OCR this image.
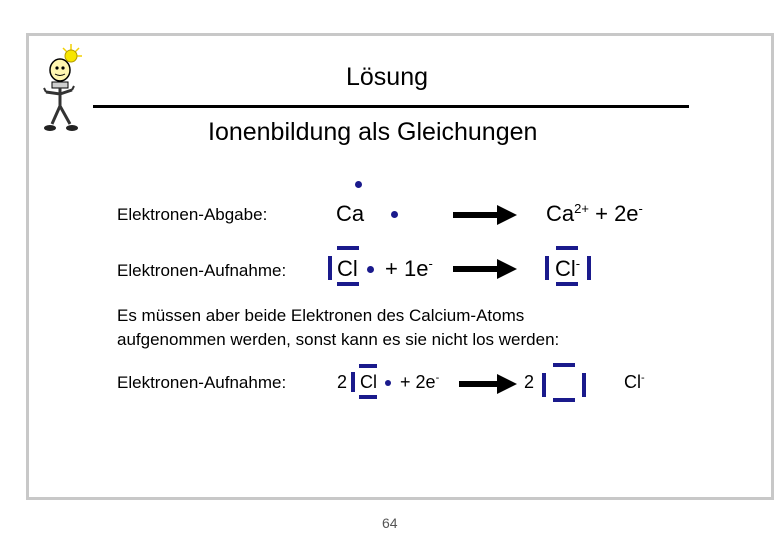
Lösung
Ionenbildung als Gleichungen
Elektronen-Abgabe:	Ca	$Ca^{2+} + 2e^-$
Elektronen-Aufnahme: Cl + 1e- → Cl-
Es müssen aber beide Elektronen des Calcium-Atoms
aufgenommen werden, sonst kann es sie nicht los werden:
Elektronen-Aufnahme:	2 Cl + 2e- → 2	Cl-
64
